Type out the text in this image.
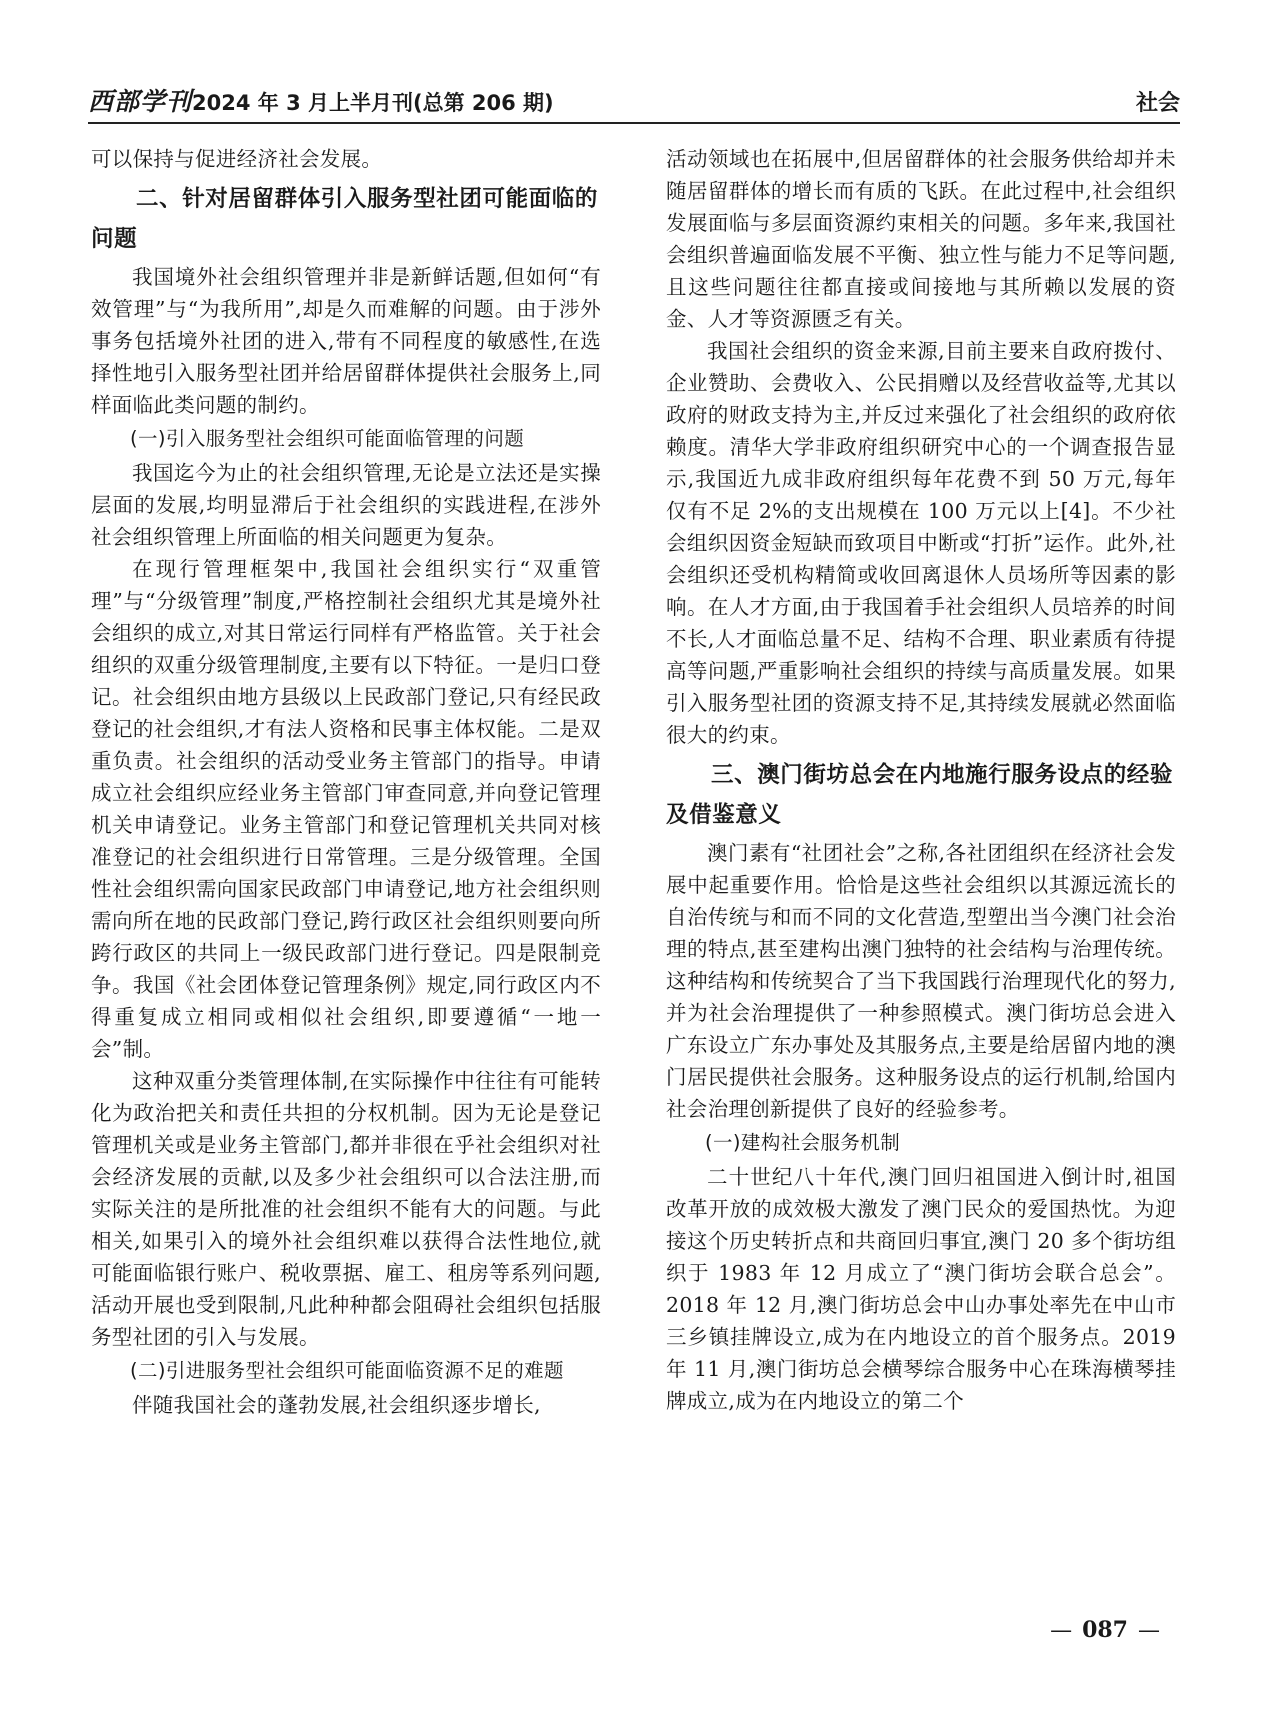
西部学刊 2024 年 3 月上半月刊(总第 206 期)	社会

可以保持与促进经济社会发展。

二、针对居留群体引入服务型社团可能面临的问题

我国境外社会组织管理并非是新鲜话题,但如何“有效管理”与“为我所用”,却是久而难解的问题。由于涉外事务包括境外社团的进入,带有不同程度的敏感性,在选择性地引入服务型社团并给居留群体提供社会服务上,同样面临此类问题的制约。

(一)引入服务型社会组织可能面临管理的问题

我国迄今为止的社会组织管理,无论是立法还是实操层面的发展,均明显滞后于社会组织的实践进程,在涉外社会组织管理上所面临的相关问题更为复杂。

在现行管理框架中,我国社会组织实行“双重管理”与“分级管理”制度,严格控制社会组织尤其是境外社会组织的成立,对其日常运行同样有严格监管。关于社会组织的双重分级管理制度,主要有以下特征。一是归口登记。社会组织由地方县级以上民政部门登记,只有经民政登记的社会组织,才有法人资格和民事主体权能。二是双重负责。社会组织的活动受业务主管部门的指导。申请成立社会组织应经业务主管部门审查同意,并向登记管理机关申请登记。业务主管部门和登记管理机关共同对核准登记的社会组织进行日常管理。三是分级管理。全国性社会组织需向国家民政部门申请登记,地方社会组织则需向所在地的民政部门登记,跨行政区社会组织则要向所跨行政区的共同上一级民政部门进行登记。四是限制竞争。我国《社会团体登记管理条例》规定,同行政区内不得重复成立相同或相似社会组织,即要遵循“一地一会”制。

这种双重分类管理体制,在实际操作中往往有可能转化为政治把关和责任共担的分权机制。因为无论是登记管理机关或是业务主管部门,都并非很在乎社会组织对社会经济发展的贡献,以及多少社会组织可以合法注册,而实际关注的是所批准的社会组织不能有大的问题。与此相关,如果引入的境外社会组织难以获得合法性地位,就可能面临银行账户、税收票据、雇工、租房等系列问题,活动开展也受到限制,凡此种种都会阻碍社会组织包括服务型社团的引入与发展。

(二)引进服务型社会组织可能面临资源不足的难题

伴随我国社会的蓬勃发展,社会组织逐步增长,

活动领域也在拓展中,但居留群体的社会服务供给却并未随居留群体的增长而有质的飞跃。在此过程中,社会组织发展面临与多层面资源约束相关的问题。多年来,我国社会组织普遍面临发展不平衡、独立性与能力不足等问题,且这些问题往往都直接或间接地与其所赖以发展的资金、人才等资源匮乏有关。

我国社会组织的资金来源,目前主要来自政府拨付、企业赞助、会费收入、公民捐赠以及经营收益等,尤其以政府的财政支持为主,并反过来强化了社会组织的政府依赖度。清华大学非政府组织研究中心的一个调查报告显示,我国近九成非政府组织每年花费不到 50 万元,每年仅有不足 2%的支出规模在 100 万元以上[4]。不少社会组织因资金短缺而致项目中断或“打折”运作。此外,社会组织还受机构精简或收回离退休人员场所等因素的影响。在人才方面,由于我国着手社会组织人员培养的时间不长,人才面临总量不足、结构不合理、职业素质有待提高等问题,严重影响社会组织的持续与高质量发展。如果引入服务型社团的资源支持不足,其持续发展就必然面临很大的约束。

三、澳门街坊总会在内地施行服务设点的经验及借鉴意义

澳门素有“社团社会”之称,各社团组织在经济社会发展中起重要作用。恰恰是这些社会组织以其源远流长的自治传统与和而不同的文化营造,型塑出当今澳门社会治理的特点,甚至建构出澳门独特的社会结构与治理传统。这种结构和传统契合了当下我国践行治理现代化的努力,并为社会治理提供了一种参照模式。澳门街坊总会进入广东设立广东办事处及其服务点,主要是给居留内地的澳门居民提供社会服务。这种服务设点的运行机制,给国内社会治理创新提供了良好的经验参考。

(一)建构社会服务机制

二十世纪八十年代,澳门回归祖国进入倒计时,祖国改革开放的成效极大激发了澳门民众的爱国热忱。为迎接这个历史转折点和共商回归事宜,澳门 20 多个街坊组织于 1983 年 12 月成立了“澳门街坊会联合总会”。2018 年 12 月,澳门街坊总会中山办事处率先在中山市三乡镇挂牌设立,成为在内地设立的首个服务点。2019 年 11 月,澳门街坊总会横琴综合服务中心在珠海横琴挂牌成立,成为在内地设立的第二个

— 087 —
